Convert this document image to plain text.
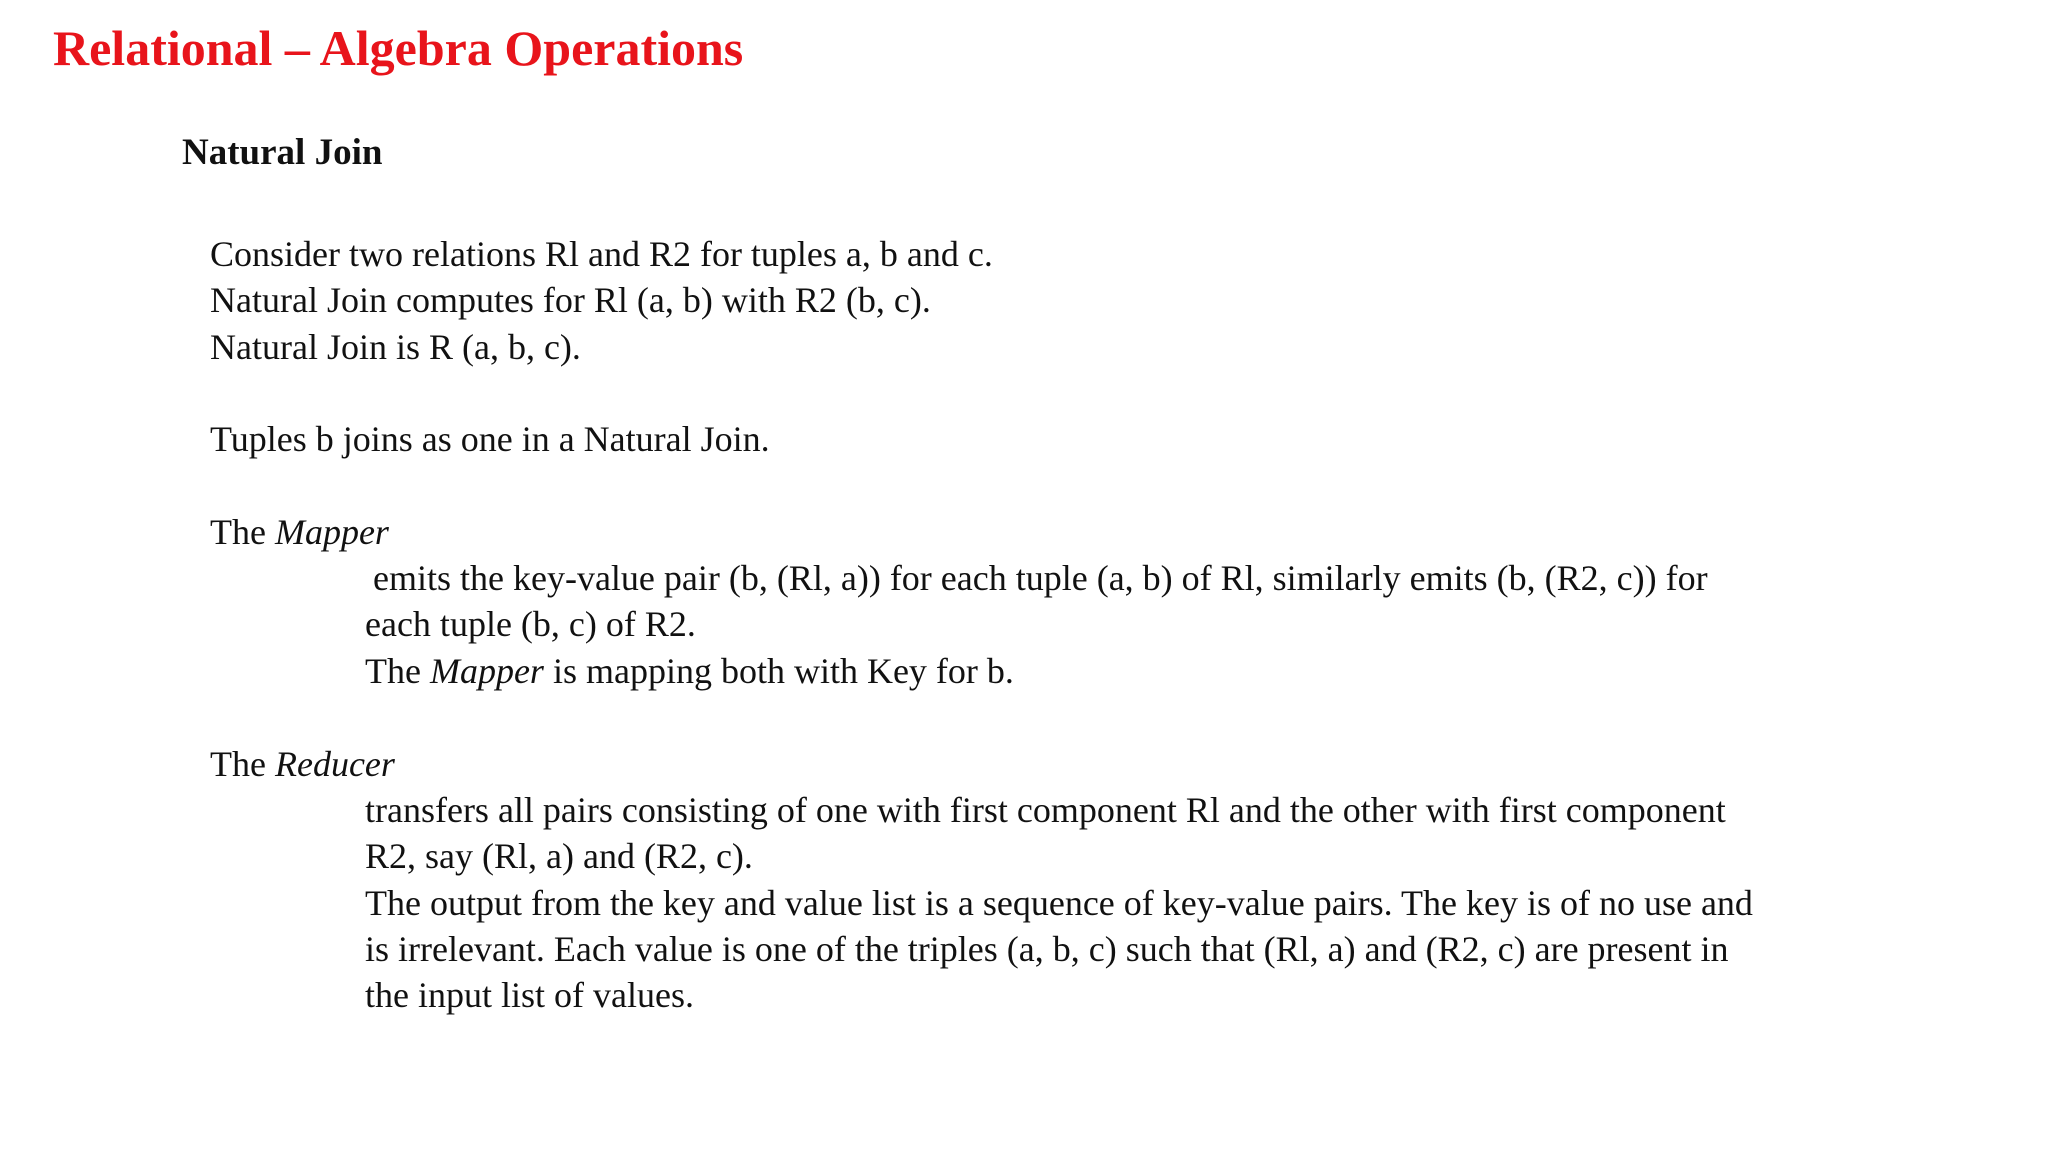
Relational – Algebra Operations
Natural Join

Consider two relations Rl and R2 for tuples a, b and c.

Natural Join computes for Rl (a, b) with R2 (b, c).

Natural Join is R (a, b, c).

Tuples b joins as one in a Natural Join.

The Mapper

emits the key-value pair (b, (Rl, a)) for each tuple (a, b) of Rl, similarly emits (b, (R2, c)) for

each tuple (b, c) of R2.

The Mapper is mapping both with Key for b.

The Reducer

transfers all pairs consisting of one with first component Rl and the other with first component

R2, say (Rl, a) and (R2, c).

The output from the key and value list is a sequence of key-value pairs. The key is of no use and

is irrelevant. Each value is one of the triples (a, b, c) such that (Rl, a) and (R2, c) are present in

the input list of values.
